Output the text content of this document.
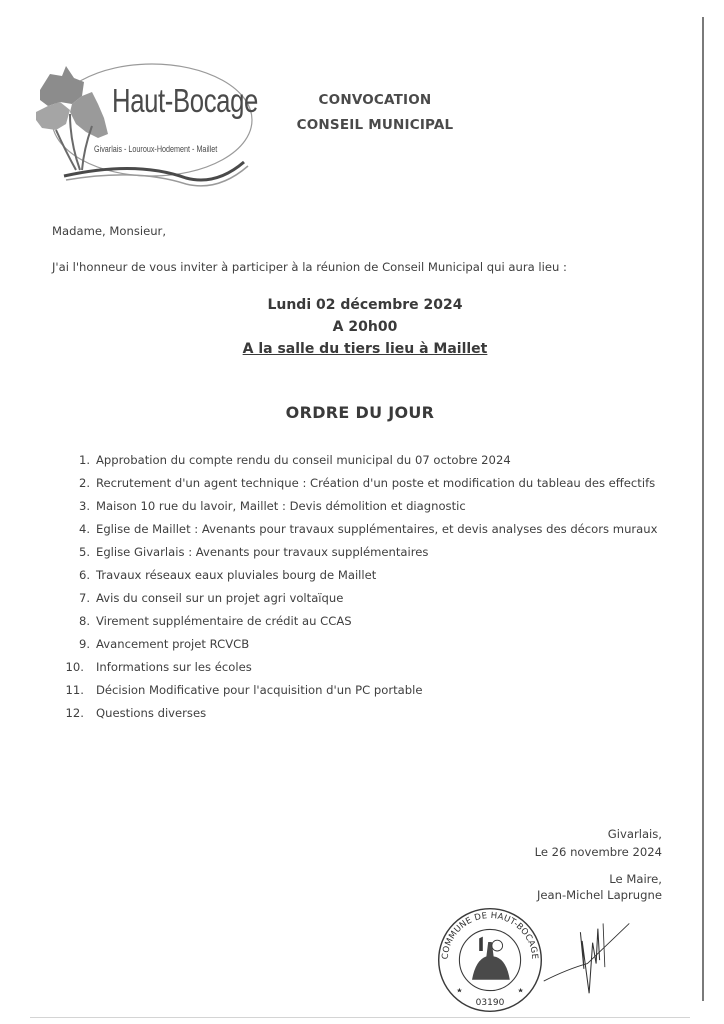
Haut-Bocage
Givarlais - Louroux-Hodement - Maillet
CONVOCATION
CONSEIL MUNICIPAL
Madame, Monsieur,
J'ai l'honneur de vous inviter à participer à la réunion de Conseil Municipal qui aura lieu :
Lundi 02 décembre 2024
A 20h00
A la salle du tiers lieu à Maillet
ORDRE DU JOUR
1. Approbation du compte rendu du conseil municipal du 07 octobre 2024
2. Recrutement d'un agent technique : Création d'un poste et modification du tableau des effectifs
3. Maison 10 rue du lavoir, Maillet : Devis démolition et diagnostic
4. Eglise de Maillet : Avenants pour travaux supplémentaires, et devis analyses des décors muraux
5. Eglise Givarlais : Avenants pour travaux supplémentaires
6. Travaux réseaux eaux pluviales bourg de Maillet
7. Avis du conseil sur un projet agri voltaïque
8. Virement supplémentaire de crédit au CCAS
9. Avancement projet RCVCB
10. Informations sur les écoles
11. Décision Modificative pour l'acquisition d'un PC portable
12. Questions diverses
Givarlais,
Le 26 novembre 2024
Le Maire,
Jean-Michel Laprugne
COMMUNE DE HAUT-BOCAGE
03190
